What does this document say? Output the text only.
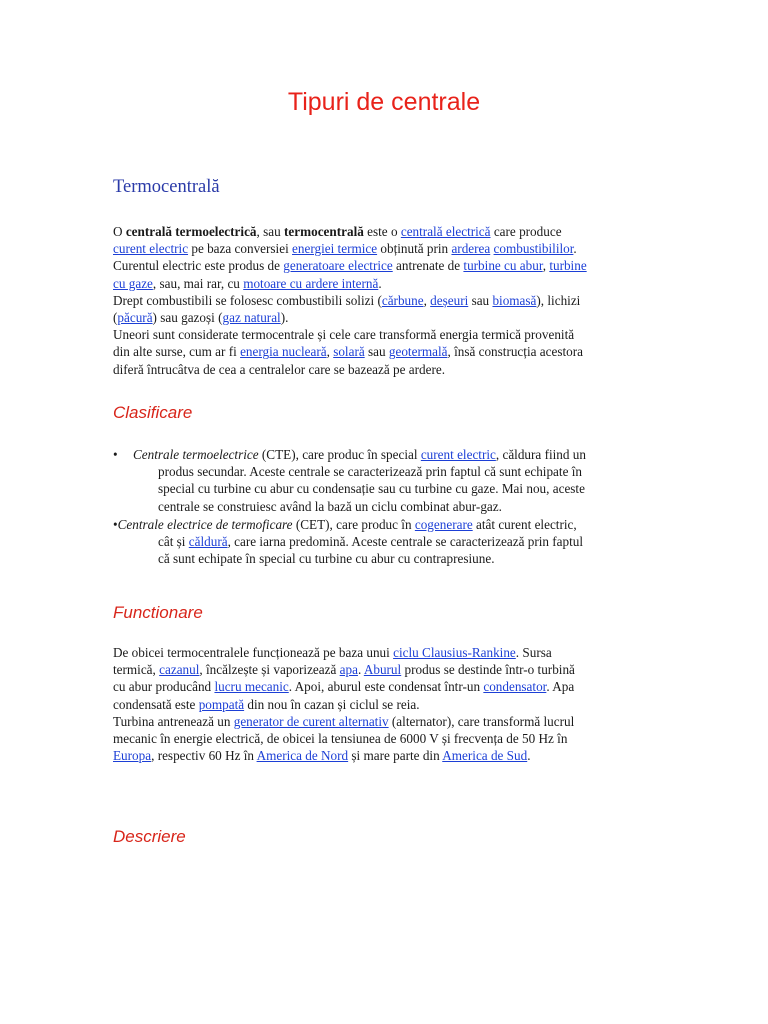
Tipuri de centrale
Termocentrală
O centrală termoelectrică, sau termocentrală este o centrală electrică care produce
curent electric pe baza conversiei energiei termice obținută prin arderea combustibililor.
Curentul electric este produs de generatoare electrice antrenate de turbine cu abur, turbine
cu gaze, sau, mai rar, cu motoare cu ardere internă.
Drept combustibili se folosesc combustibili solizi (cărbune, deșeuri sau biomasă), lichizi
(păcură) sau gazoși (gaz natural).
Uneori sunt considerate termocentrale și cele care transformă energia termică provenită
din alte surse, cum ar fi energia nucleară, solară sau geotermală, însă construcția acestora
diferă întrucâtva de cea a centralelor care se bazează pe ardere.
Clasificare
• Centrale termoelectrice (CTE), care produc în special curent electric, căldura fiind un
produs secundar. Aceste centrale se caracterizează prin faptul că sunt echipate în
special cu turbine cu abur cu condensație sau cu turbine cu gaze. Mai nou, aceste
centrale se construiesc având la bază un ciclu combinat abur-gaz.
•Centrale electrice de termoficare (CET), care produc în cogenerare atât curent electric,
cât și căldură, care iarna predomină. Aceste centrale se caracterizează prin faptul
că sunt echipate în special cu turbine cu abur cu contrapresiune.
Functionare
De obicei termocentralele funcționează pe baza unui ciclu Clausius-Rankine. Sursa
termică, cazanul, încălzește și vaporizează apa. Aburul produs se destinde într-o turbină
cu abur producând lucru mecanic. Apoi, aburul este condensat într-un condensator. Apa
condensată este pompată din nou în cazan și ciclul se reia.
Turbina antrenează un generator de curent alternativ (alternator), care transformă lucrul
mecanic în energie electrică, de obicei la tensiunea de 6000 V și frecvența de 50 Hz în
Europa, respectiv 60 Hz în America de Nord și mare parte din America de Sud.
Descriere
